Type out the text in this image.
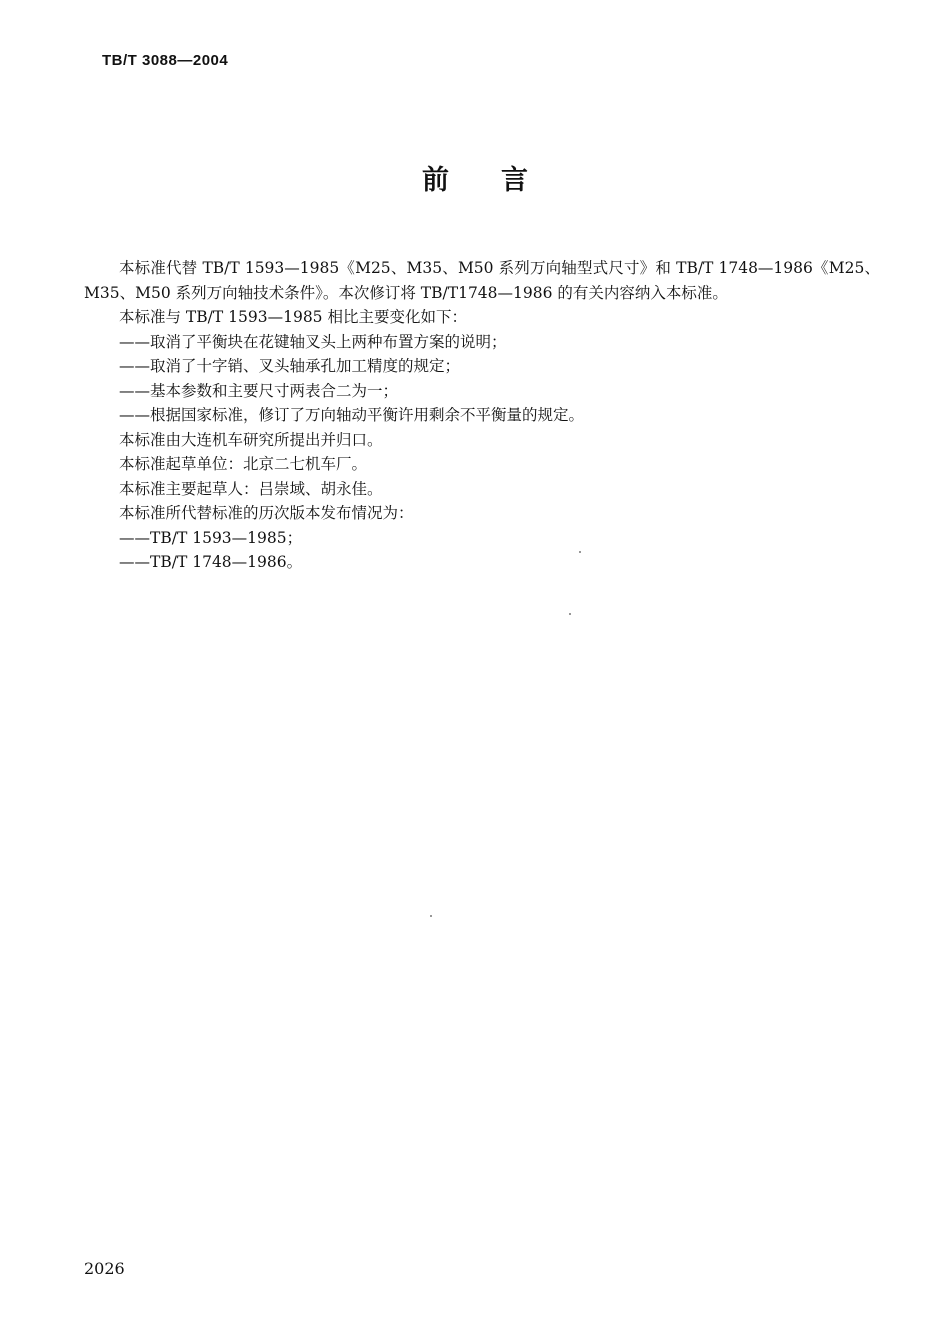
TB/T 3088—2004
前言

本标准代替 TB/T 1593—1985《M25、M35、M50 系列万向轴型式尺寸》和 TB/T 1748—1986《M25、M35、M50 系列万向轴技术条件》。本次修订将 TB/T1748—1986 的有关内容纳入本标准。

本标准与 TB/T 1593—1985 相比主要变化如下：

——取消了平衡块在花键轴叉头上两种布置方案的说明；

——取消了十字销、叉头轴承孔加工精度的规定；

——基本参数和主要尺寸两表合二为一；

——根据国家标准，修订了万向轴动平衡许用剩余不平衡量的规定。

本标准由大连机车研究所提出并归口。

本标准起草单位：北京二七机车厂。

本标准主要起草人：吕崇域、胡永佳。

本标准所代替标准的历次版本发布情况为：

——TB/T 1593—1985；

——TB/T 1748—1986。

2026
